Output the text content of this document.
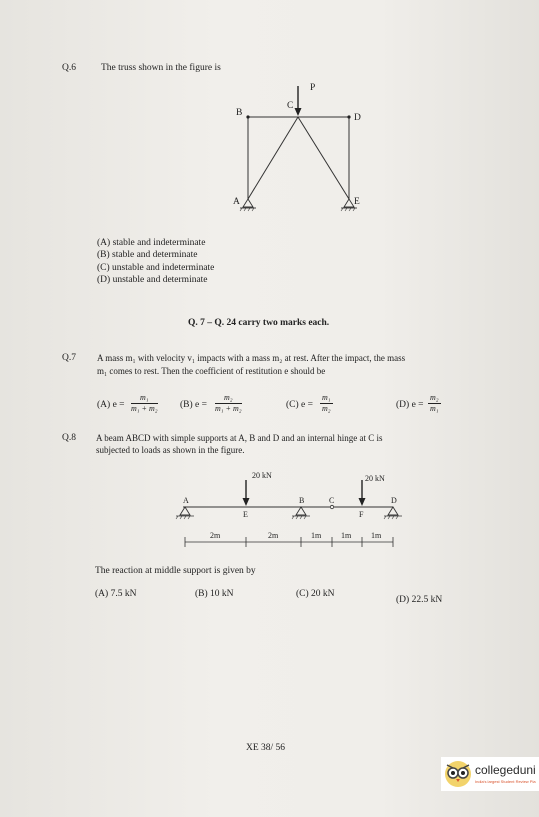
Q.6	The truss shown in the figure is
P
B
C
D
A	E
(A) stable and indeterminate
(B) stable and determinate
(C) unstable and indeterminate
(D) unstable and determinate
Q. 7 – Q. 24 carry two marks each.
Q.7 A mass m₁ with velocity v₁ impacts with a mass m₂ at rest. After the impact, the mass
m₁ comes to rest. Then the coefficient of restitution e should be
(A) $e = \frac{\text{m₁}}{\text{m₁ + m₂}} (B) e = \frac{\text{m₂}}{\text{m₁ + m₂}}$	(C) $e = \frac{\text{m₁}}{\text{m₂}}$	(D) $e = \frac{\text{m₂}}{\text{m₁}}$
Q.8 A beam ABCD with simple supports at A, B and D and an internal hinge at C is
subjected to loads as shown in the figure.
20 kN	20 kN
A	B	C	D
E	F
2m	2m	1m 1m 1m
The reaction at middle support is given by
(A) 7.5 kN	(B) 10 kN	(C) 20 kN
(D) 22.5 kN
XE 38/ 56
collegeduni
India's largest Student Review Pla
